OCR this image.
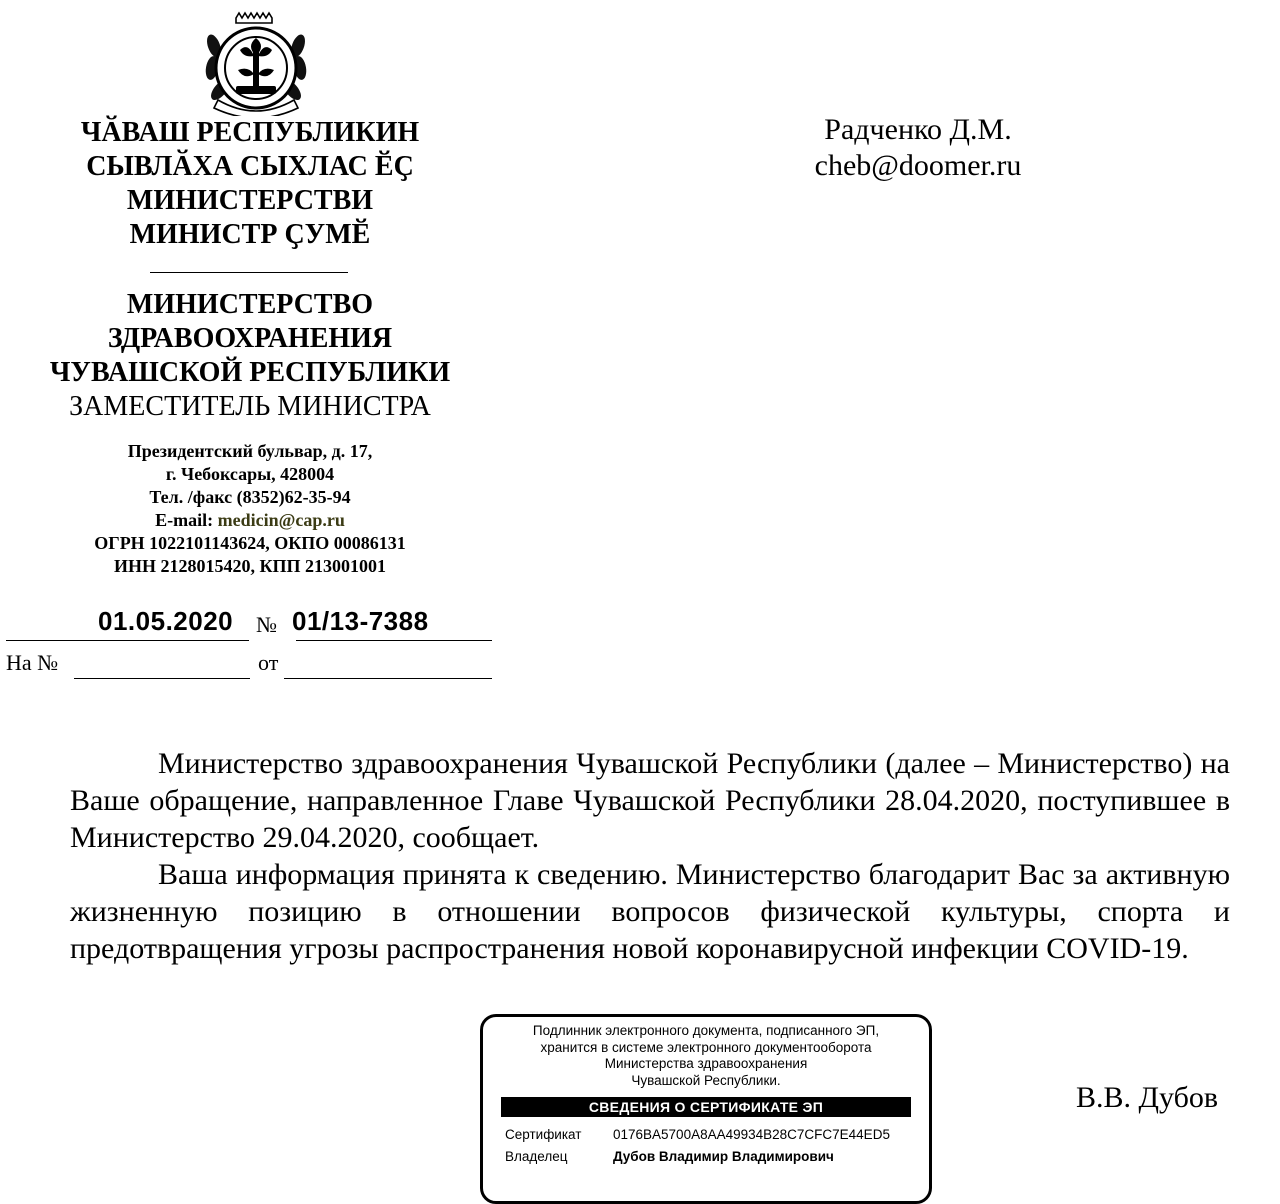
ЧӐВАШ РЕСПУБЛИКИН
СЫВЛӐХА СЫХЛАС ӖҪ
МИНИСТЕРСТВИ
МИНИСТР ҪУМӖ
МИНИСТЕРСТВО
ЗДРАВООХРАНЕНИЯ
ЧУВАШСКОЙ РЕСПУБЛИКИ
ЗАМЕСТИТЕЛЬ МИНИСТРА
Президентский бульвар, д. 17,
г. Чебоксары, 428004
Тел. /факс (8352)62-35-94
E-mail: medicin@cap.ru
ОГРН 1022101143624, ОКПО 00086131
ИНН 2128015420, КПП 213001001
01.05.2020 № 01/13-7388
На №	от
Радченко Д.М.
cheb@doomer.ru

Министерство здравоохранения Чувашской Республики (далее – Министерство) на Ваше обращение, направленное Главе Чувашской Республики 28.04.2020, поступившее в Министерство 29.04.2020, сообщает.

Ваша информация принята к сведению. Министерство благодарит Вас за активную жизненную позицию в отношении вопросов физической культуры, спорта и предотвращения угрозы распространения новой коронавирусной инфекции COVID-19.

Подлинник электронного документа, подписанного ЭП,
хранится в системе электронного документооборота
Министерства здравоохранения
Чувашской Республики.
СВЕДЕНИЯ О СЕРТИФИКАТЕ ЭП
Сертификат 0176BA5700A8AA49934B28C7CFC7E44ED5
Владелец	Дубов Владимир Владимирович
В.В. Дубов
